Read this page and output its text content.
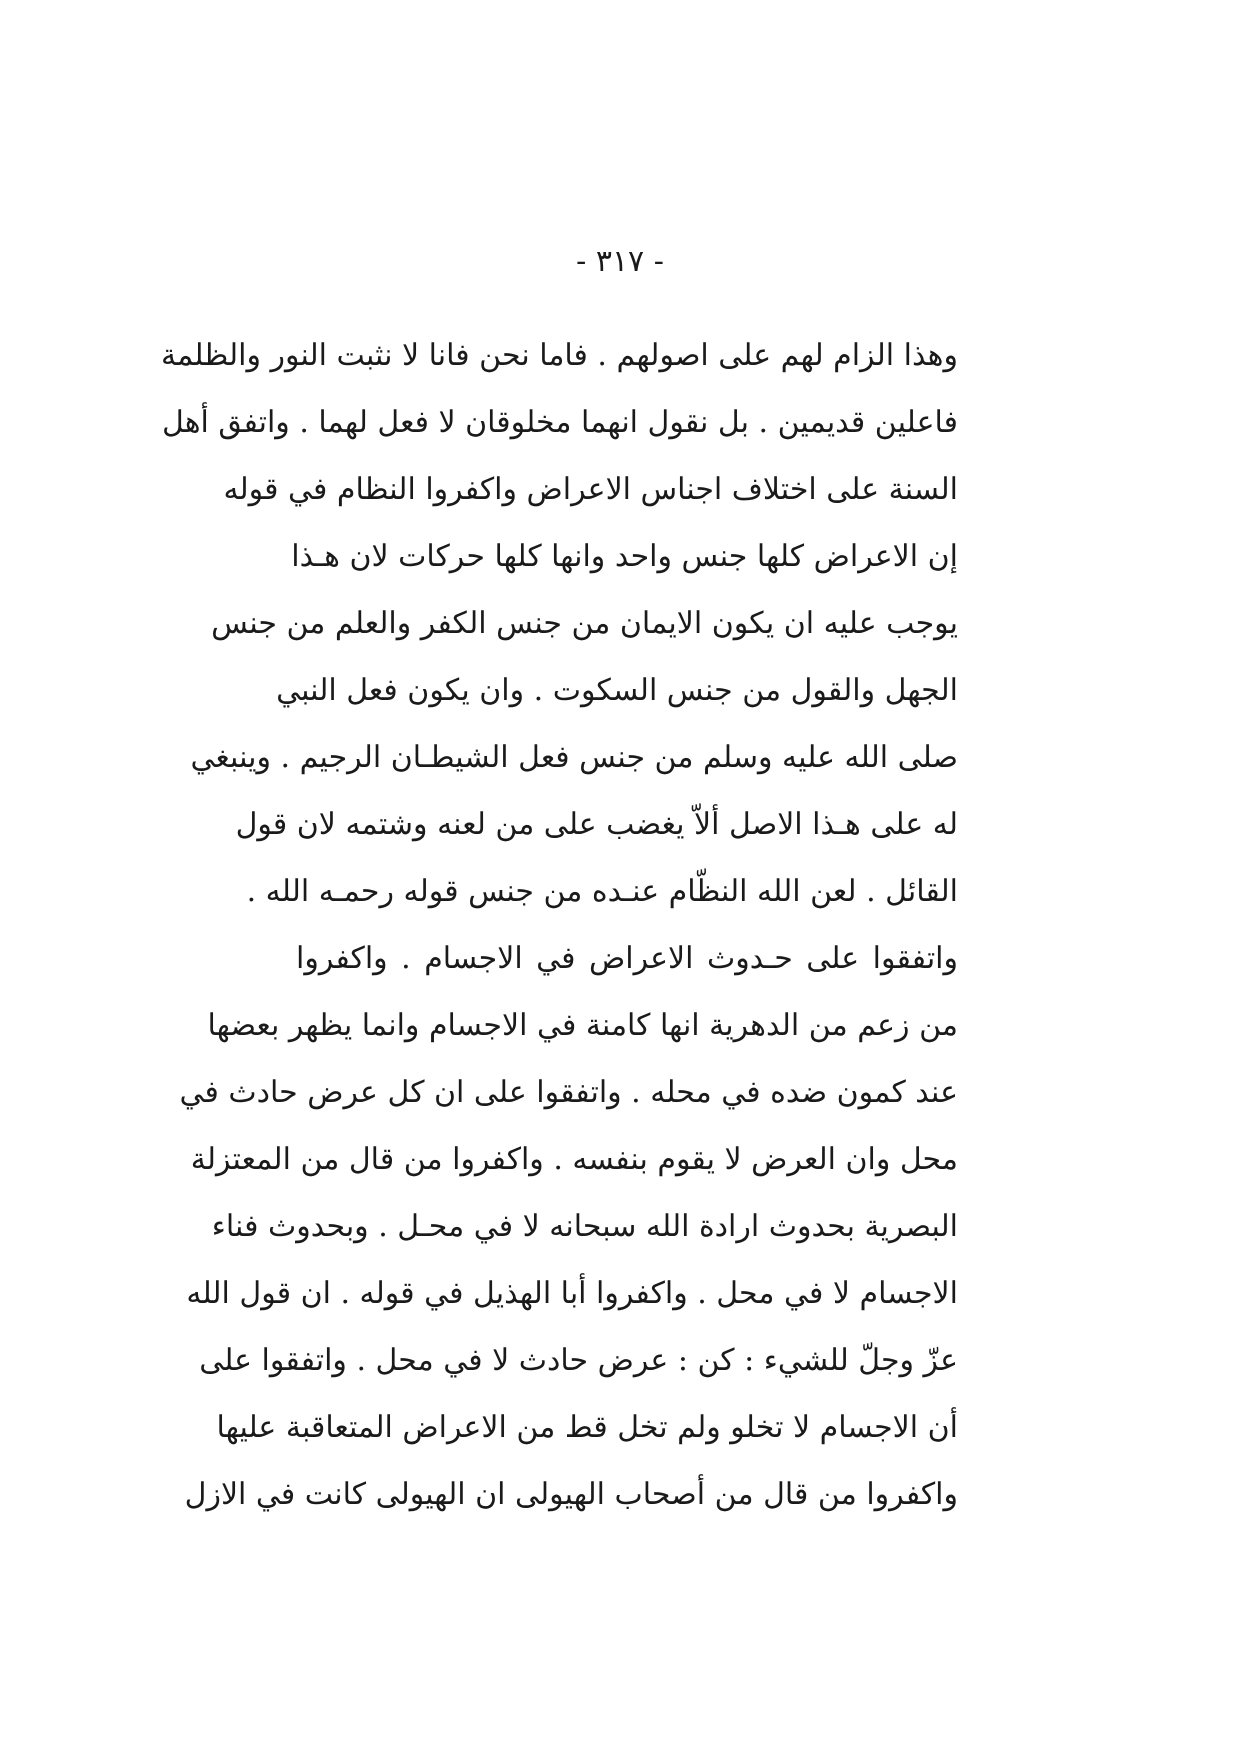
- ٣١٧ -
وهذا الزام لهم على اصولهم . فاما نحن فانا لا نثبت النور والظلمة
فاعلين قديمين . بل نقول انهما مخلوقان لا فعل لهما . واتفق أهل
السنة على اختلاف اجناس الاعراض واكفروا النظام في قوله
إن الاعراض كلها جنس واحد وانها كلها حركات لان هـذا
يوجب عليه ان يكون الايمان من جنس الكفر والعلم من جنس
الجهل والقول من جنس السكوت . وان يكون فعل النبي
صلى الله عليه وسلم من جنس فعل الشيطـان الرجيم . وينبغي
له على هـذا الاصل ألاّ يغضب على من لعنه وشتمه لان قول
القائل . لعن الله النظّام عنـده من جنس قوله رحمـه الله .
واتفقوا على حـدوث الاعراض في الاجسام . واكفروا
من زعم من الدهرية انها كامنة في الاجسام وانما يظهر بعضها
عند كمون ضده في محله . واتفقوا على ان كل عرض حادث في
محل وان العرض لا يقوم بنفسه . واكفروا من قال من المعتزلة
البصرية بحدوث ارادة الله سبحانه لا في محـل . وبحدوث فناء
الاجسام لا في محل . واكفروا أبا الهذيل في قوله . ان قول الله
عزّ وجلّ للشيء : كن : عرض حادث لا في محل . واتفقوا على
أن الاجسام لا تخلو ولم تخل قط من الاعراض المتعاقبة عليها
واكفروا من قال من أصحاب الهيولى ان الهيولى كانت في الازل
